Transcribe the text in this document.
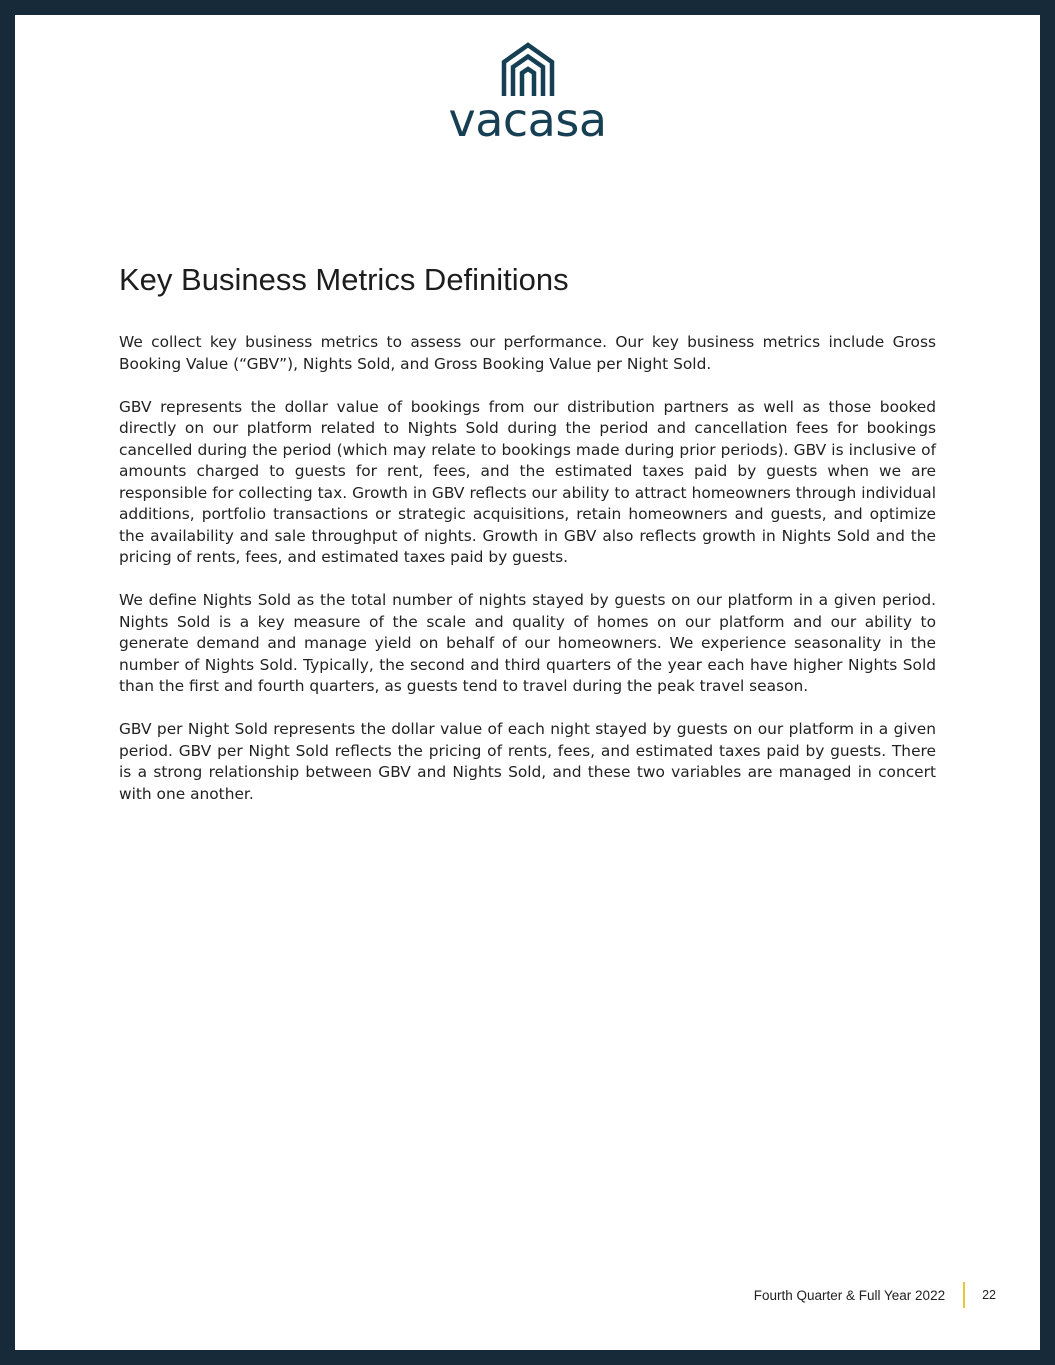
vacasa
Key Business Metrics Definitions

We collect key business metrics to assess our performance. Our key business metrics include Gross Booking Value (“GBV”), Nights Sold, and Gross Booking Value per Night Sold.

GBV represents the dollar value of bookings from our distribution partners as well as those booked directly on our platform related to Nights Sold during the period and cancellation fees for bookings cancelled during the period (which may relate to bookings made during prior periods). GBV is inclusive of amounts charged to guests for rent, fees, and the estimated taxes paid by guests when we are responsible for collecting tax. Growth in GBV reflects our ability to attract homeowners through individual additions, portfolio transactions or strategic acquisitions, retain homeowners and guests, and optimize the availability and sale throughput of nights. Growth in GBV also reflects growth in Nights Sold and the pricing of rents, fees, and estimated taxes paid by guests.

We define Nights Sold as the total number of nights stayed by guests on our platform in a given period. Nights Sold is a key measure of the scale and quality of homes on our platform and our ability to generate demand and manage yield on behalf of our homeowners. We experience seasonality in the number of Nights Sold. Typically, the second and third quarters of the year each have higher Nights Sold than the first and fourth quarters, as guests tend to travel during the peak travel season.

GBV per Night Sold represents the dollar value of each night stayed by guests on our platform in a given period. GBV per Night Sold reflects the pricing of rents, fees, and estimated taxes paid by guests. There is a strong relationship between GBV and Nights Sold, and these two variables are managed in concert with one another.

Fourth Quarter & Full Year 2022	22
